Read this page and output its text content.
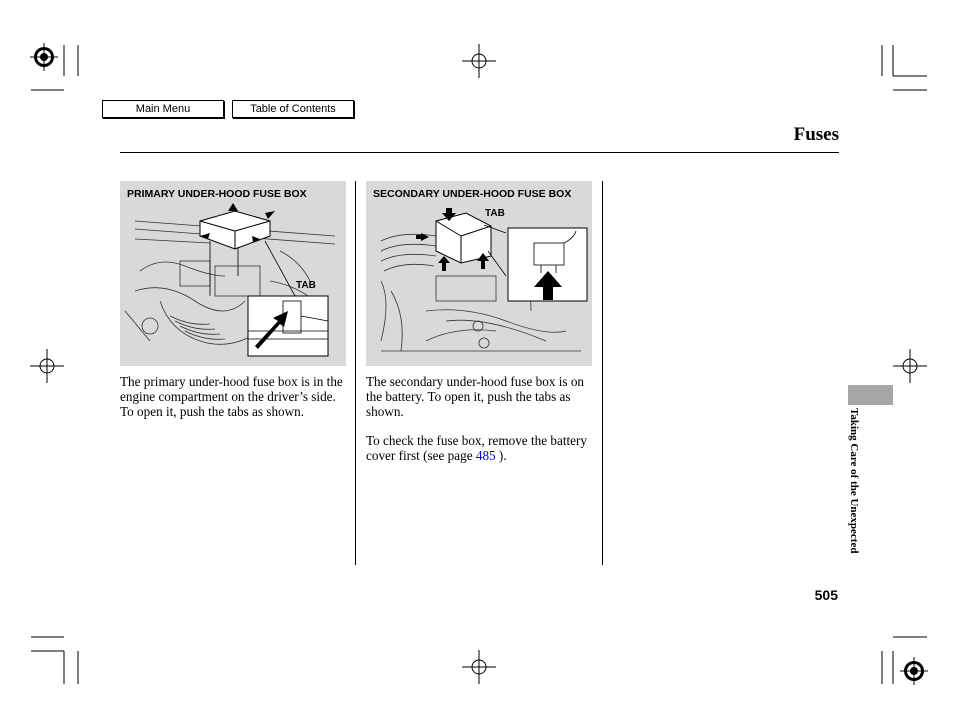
Main Menu	Table of Contents
Fuses
PRIMARY UNDER-HOOD FUSE BOX
TAB
SECONDARY UNDER-HOOD FUSE BOX
TAB
The primary under-hood fuse box is in the engine compartment on the driver’s side. To open it, push the tabs as shown.
The secondary under-hood fuse box is on the battery. To open it, push the tabs as shown.
To check the fuse box, remove the battery cover first (see page 485 ).	Taking Care of the Unexpected
505
